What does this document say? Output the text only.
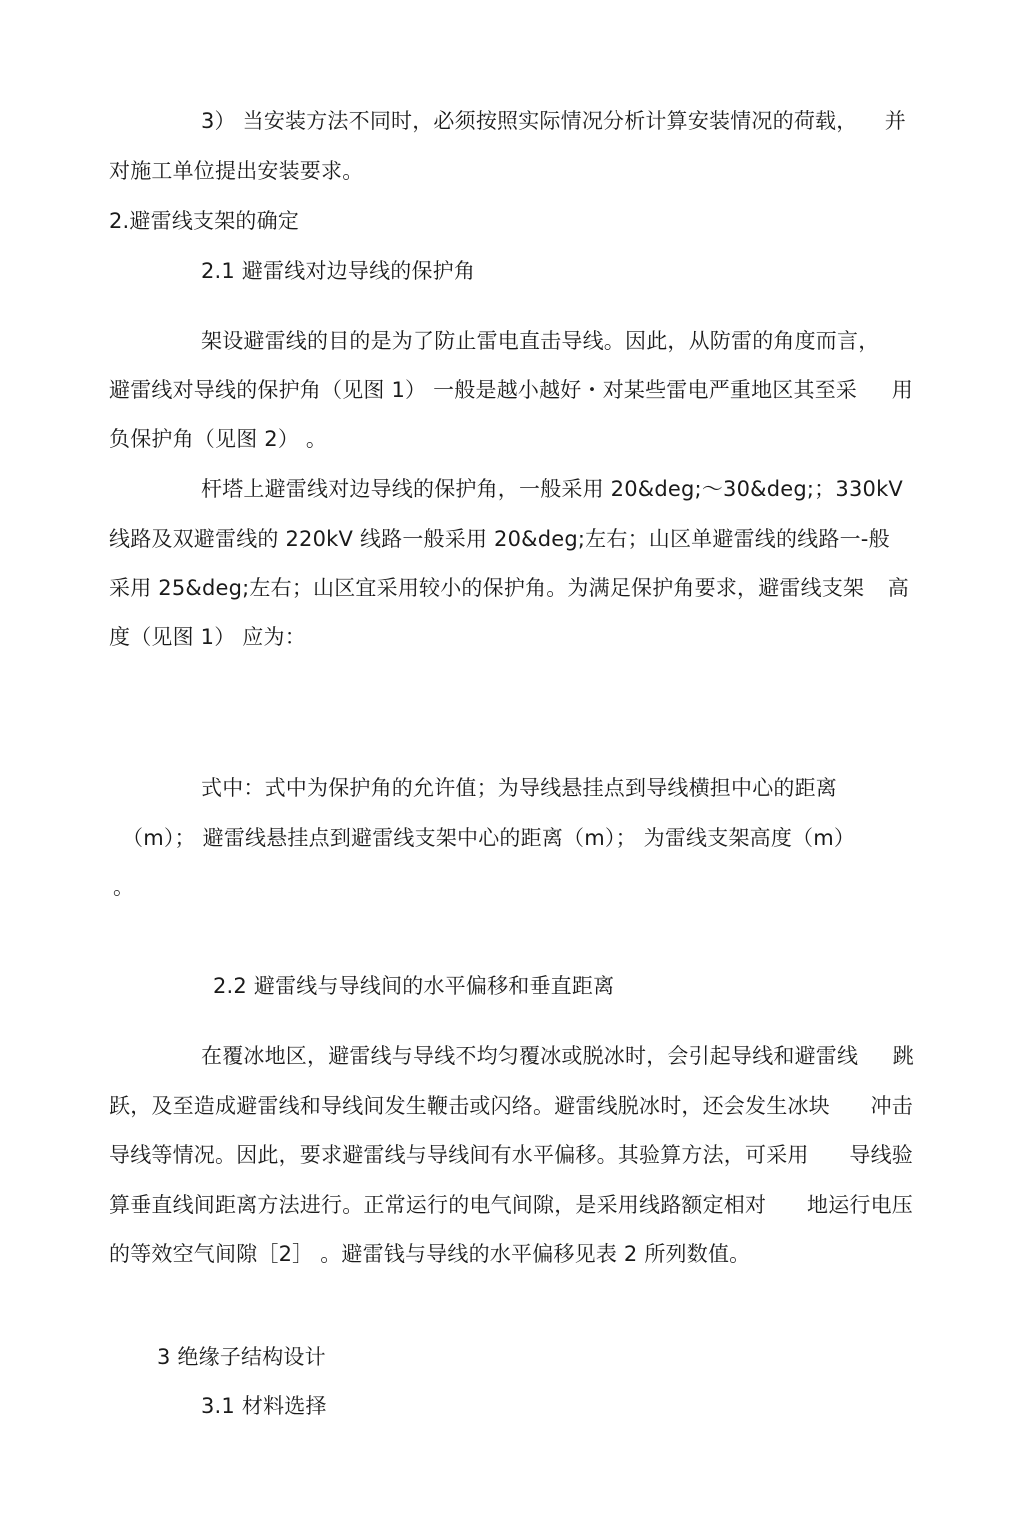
3） 当安装方法不同时，必须按照实际情况分析计算安装情况的荷载， 并

对施工单位提出安装要求。

2.避雷线支架的确定

2.1 避雷线对边导线的保护角

架设避雷线的目的是为了防止雷电直击导线。因此，从防雷的角度而言，

避雷线对导线的保护角（见图 1） 一般是越小越好・对某些雷电严重地区其至采 用

负保护角（见图 2） 。

杆塔上避雷线对边导线的保护角，一般采用 20&deg;～30&deg;； 330kV

线路及双避雷线的 220kV 线路一般采用 20&deg;左右；山区单避雷线的线路一-般

采用 25&deg;左右；山区宜采用较小的保护角。为满足保护角要求，避雷线支架 高

度（见图 1） 应为：

式中：式中为保护角的允许值；为导线悬挂点到导线横担中心的距离

（m）； 避雷线悬挂点到避雷线支架中心的距离（m）； 为雷线支架高度（m）

。

2.2 避雷线与导线间的水平偏移和垂直距离

在覆冰地区，避雷线与导线不均匀覆冰或脱冰时，会引起导线和避雷线 跳

跃，及至造成避雷线和导线间发生鞭击或闪络。避雷线脱冰时，还会发生冰块 冲击

导线等情况。因此，要求避雷线与导线间有水平偏移。其验算方法，可采用 导线验

算垂直线间距离方法进行。正常运行的电气间隙，是采用线路额定相对 地运行电压

的等效空气间隙［2］ 。避雷钱与导线的水平偏移见表 2 所列数值。

3 绝缘子结构设计

3.1 材料选择
